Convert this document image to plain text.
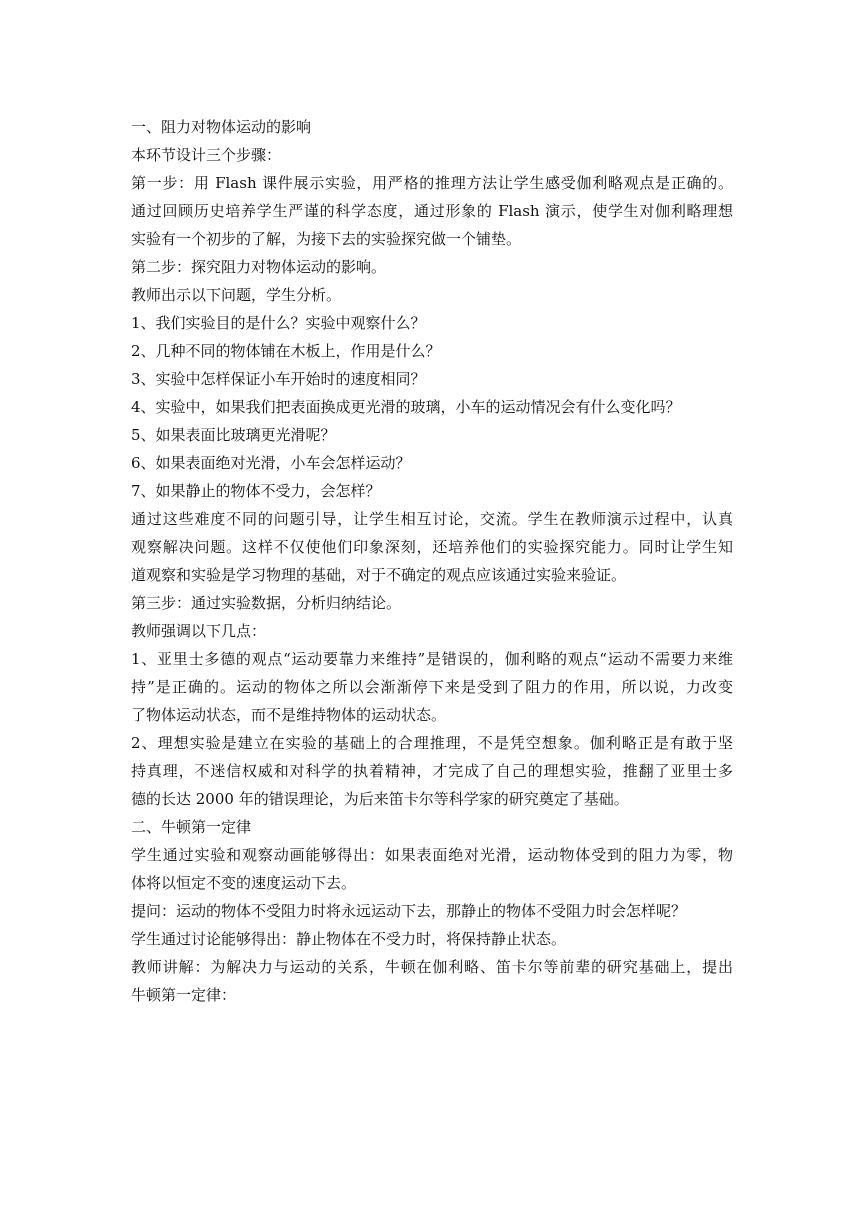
一、阻力对物体运动的影响
本环节设计三个步骤：
第一步：用 Flash 课件展示实验，用严格的推理方法让学生感受伽利略观点是正确的。
通过回顾历史培养学生严谨的科学态度，通过形象的 Flash 演示，使学生对伽利略理想
实验有一个初步的了解，为接下去的实验探究做一个铺垫。
第二步：探究阻力对物体运动的影响。
教师出示以下问题，学生分析。
1、我们实验目的是什么？实验中观察什么？
2、几种不同的物体铺在木板上，作用是什么？
3、实验中怎样保证小车开始时的速度相同？
4、实验中，如果我们把表面换成更光滑的玻璃，小车的运动情况会有什么变化吗？
5、如果表面比玻璃更光滑呢？
6、如果表面绝对光滑，小车会怎样运动？
7、如果静止的物体不受力，会怎样？
通过这些难度不同的问题引导，让学生相互讨论，交流。学生在教师演示过程中，认真
观察解决问题。这样不仅使他们印象深刻，还培养他们的实验探究能力。同时让学生知
道观察和实验是学习物理的基础，对于不确定的观点应该通过实验来验证。
第三步：通过实验数据，分析归纳结论。
教师强调以下几点：
1、亚里士多德的观点“运动要靠力来维持”是错误的，伽利略的观点“运动不需要力来维
持”是正确的。运动的物体之所以会渐渐停下来是受到了阻力的作用，所以说，力改变
了物体运动状态，而不是维持物体的运动状态。
2、理想实验是建立在实验的基础上的合理推理，不是凭空想象。伽利略正是有敢于坚
持真理，不迷信权威和对科学的执着精神，才完成了自己的理想实验，推翻了亚里士多
德的长达 2000 年的错误理论，为后来笛卡尔等科学家的研究奠定了基础。
二、牛顿第一定律
学生通过实验和观察动画能够得出：如果表面绝对光滑，运动物体受到的阻力为零，物
体将以恒定不变的速度运动下去。
提问：运动的物体不受阻力时将永远运动下去，那静止的物体不受阻力时会怎样呢？
学生通过讨论能够得出：静止物体在不受力时，将保持静止状态。
教师讲解：为解决力与运动的关系，牛顿在伽利略、笛卡尔等前辈的研究基础上，提出
牛顿第一定律：
